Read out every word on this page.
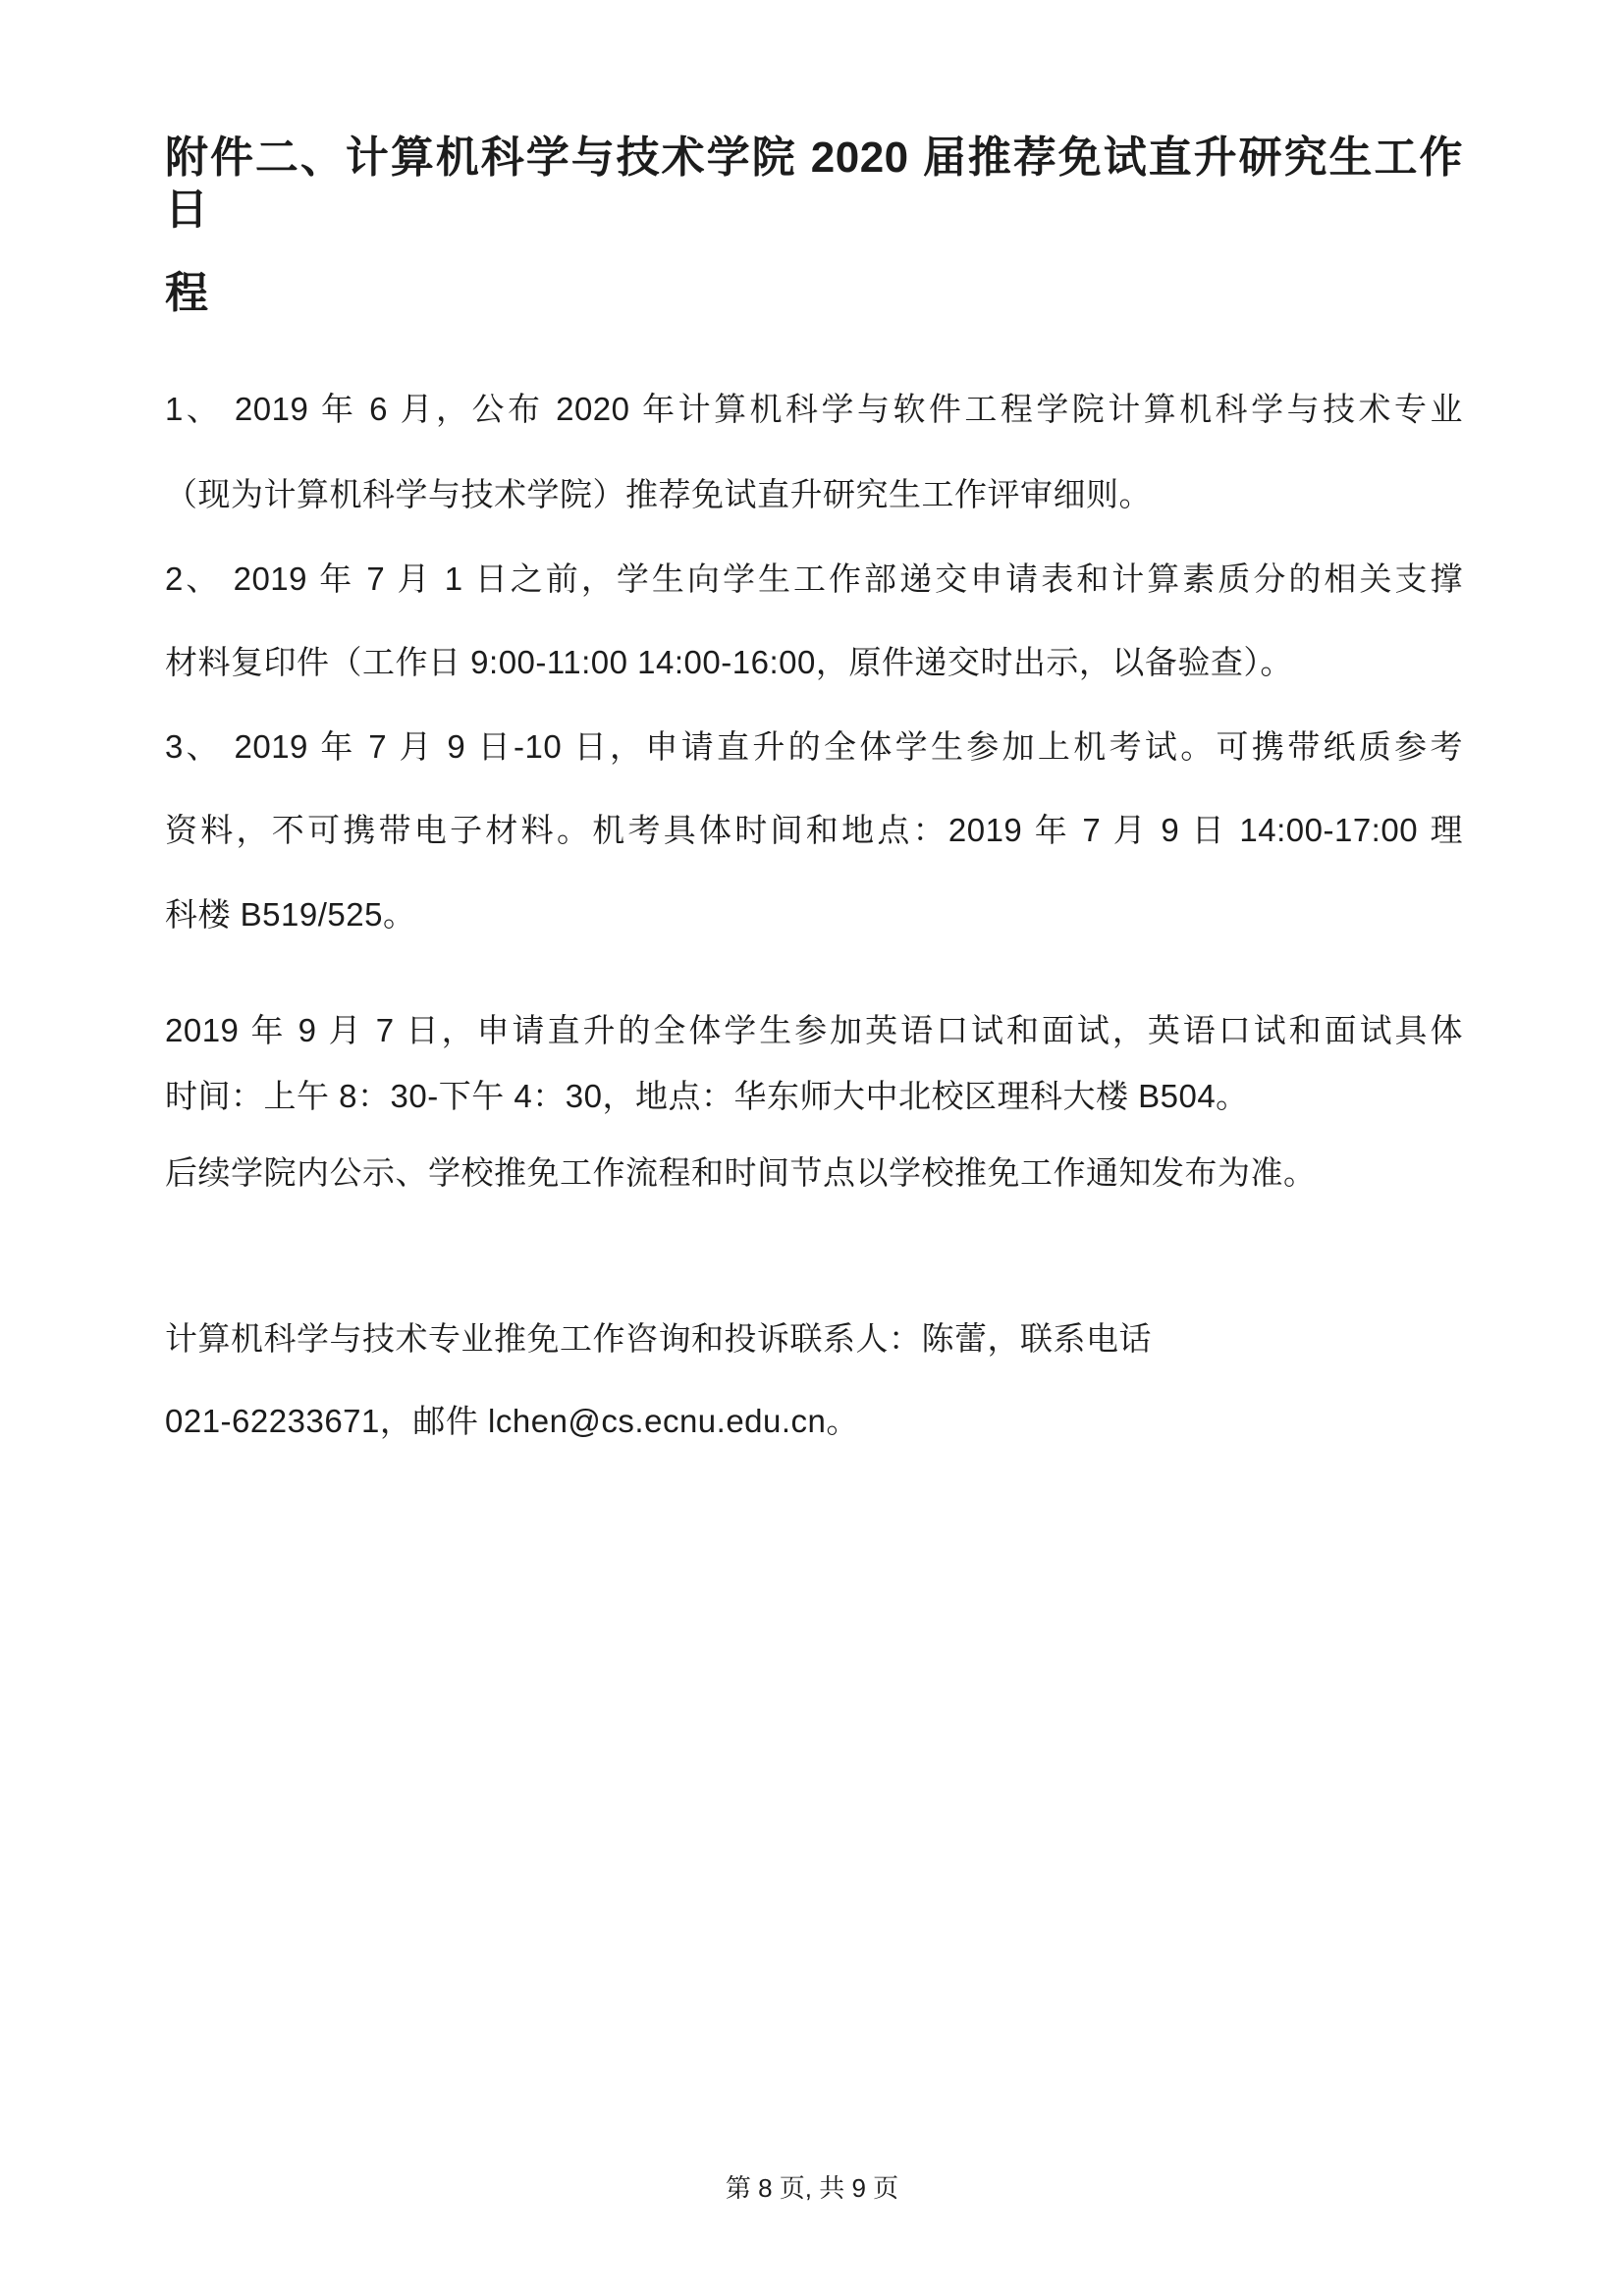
附件二、计算机科学与技术学院 2020 届推荐免试直升研究生工作日
程
1、 2019 年 6 月，公布 2020 年计算机科学与软件工程学院计算机科学与技术专业
（现为计算机科学与技术学院）推荐免试直升研究生工作评审细则。
2、 2019 年 7 月 1 日之前，学生向学生工作部递交申请表和计算素质分的相关支撑
材料复印件（工作日 9:00-11:00 14:00-16:00，原件递交时出示，以备验查）。
3、 2019 年 7 月 9 日-10 日，申请直升的全体学生参加上机考试。可携带纸质参考
资料，不可携带电子材料。机考具体时间和地点：2019 年 7 月 9 日 14:00-17:00 理
科楼 B519/525。
2019 年 9 月 7 日，申请直升的全体学生参加英语口试和面试，英语口试和面试具体
时间：上午 8：30-下午 4：30，地点：华东师大中北校区理科大楼 B504。
后续学院内公示、学校推免工作流程和时间节点以学校推免工作通知发布为准。
计算机科学与技术专业推免工作咨询和投诉联系人：陈蕾，联系电话
021-62233671，邮件 lchen@cs.ecnu.edu.cn。
第 8 页, 共 9 页
